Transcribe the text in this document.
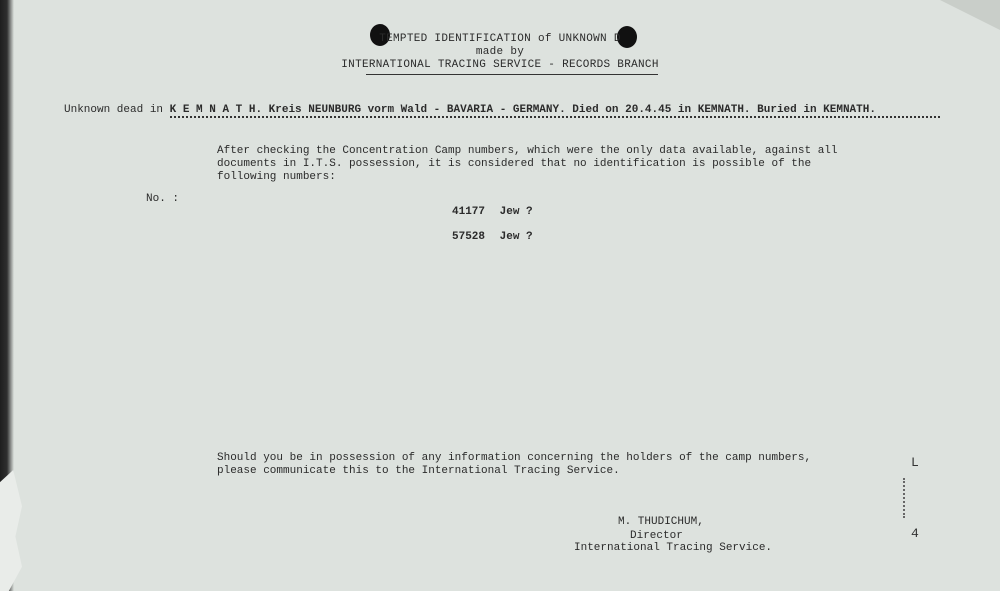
TEMPTED IDENTIFICATION of UNKNOWN D
made by
INTERNATIONAL TRACING SERVICE - RECORDS BRANCH
Unknown dead in K E M N A T H. Kreis NEUNBURG vorm Wald - BAVARIA - GERMANY. Died on 20.4.45 in KEMNATH. Buried in KEMNATH.
After checking the Concentration Camp numbers, which were the only data available, against all
documents in I.T.S. possession, it is considered that no identification is possible of the
following numbers:
No. :
41177 Jew ?
57528 Jew ?
Should you be in possession of any information concerning the holders of the camp numbers,
please communicate this to the International Tracing Service.
M. THUDICHUM,
Director
International Tracing Service.
L
4
